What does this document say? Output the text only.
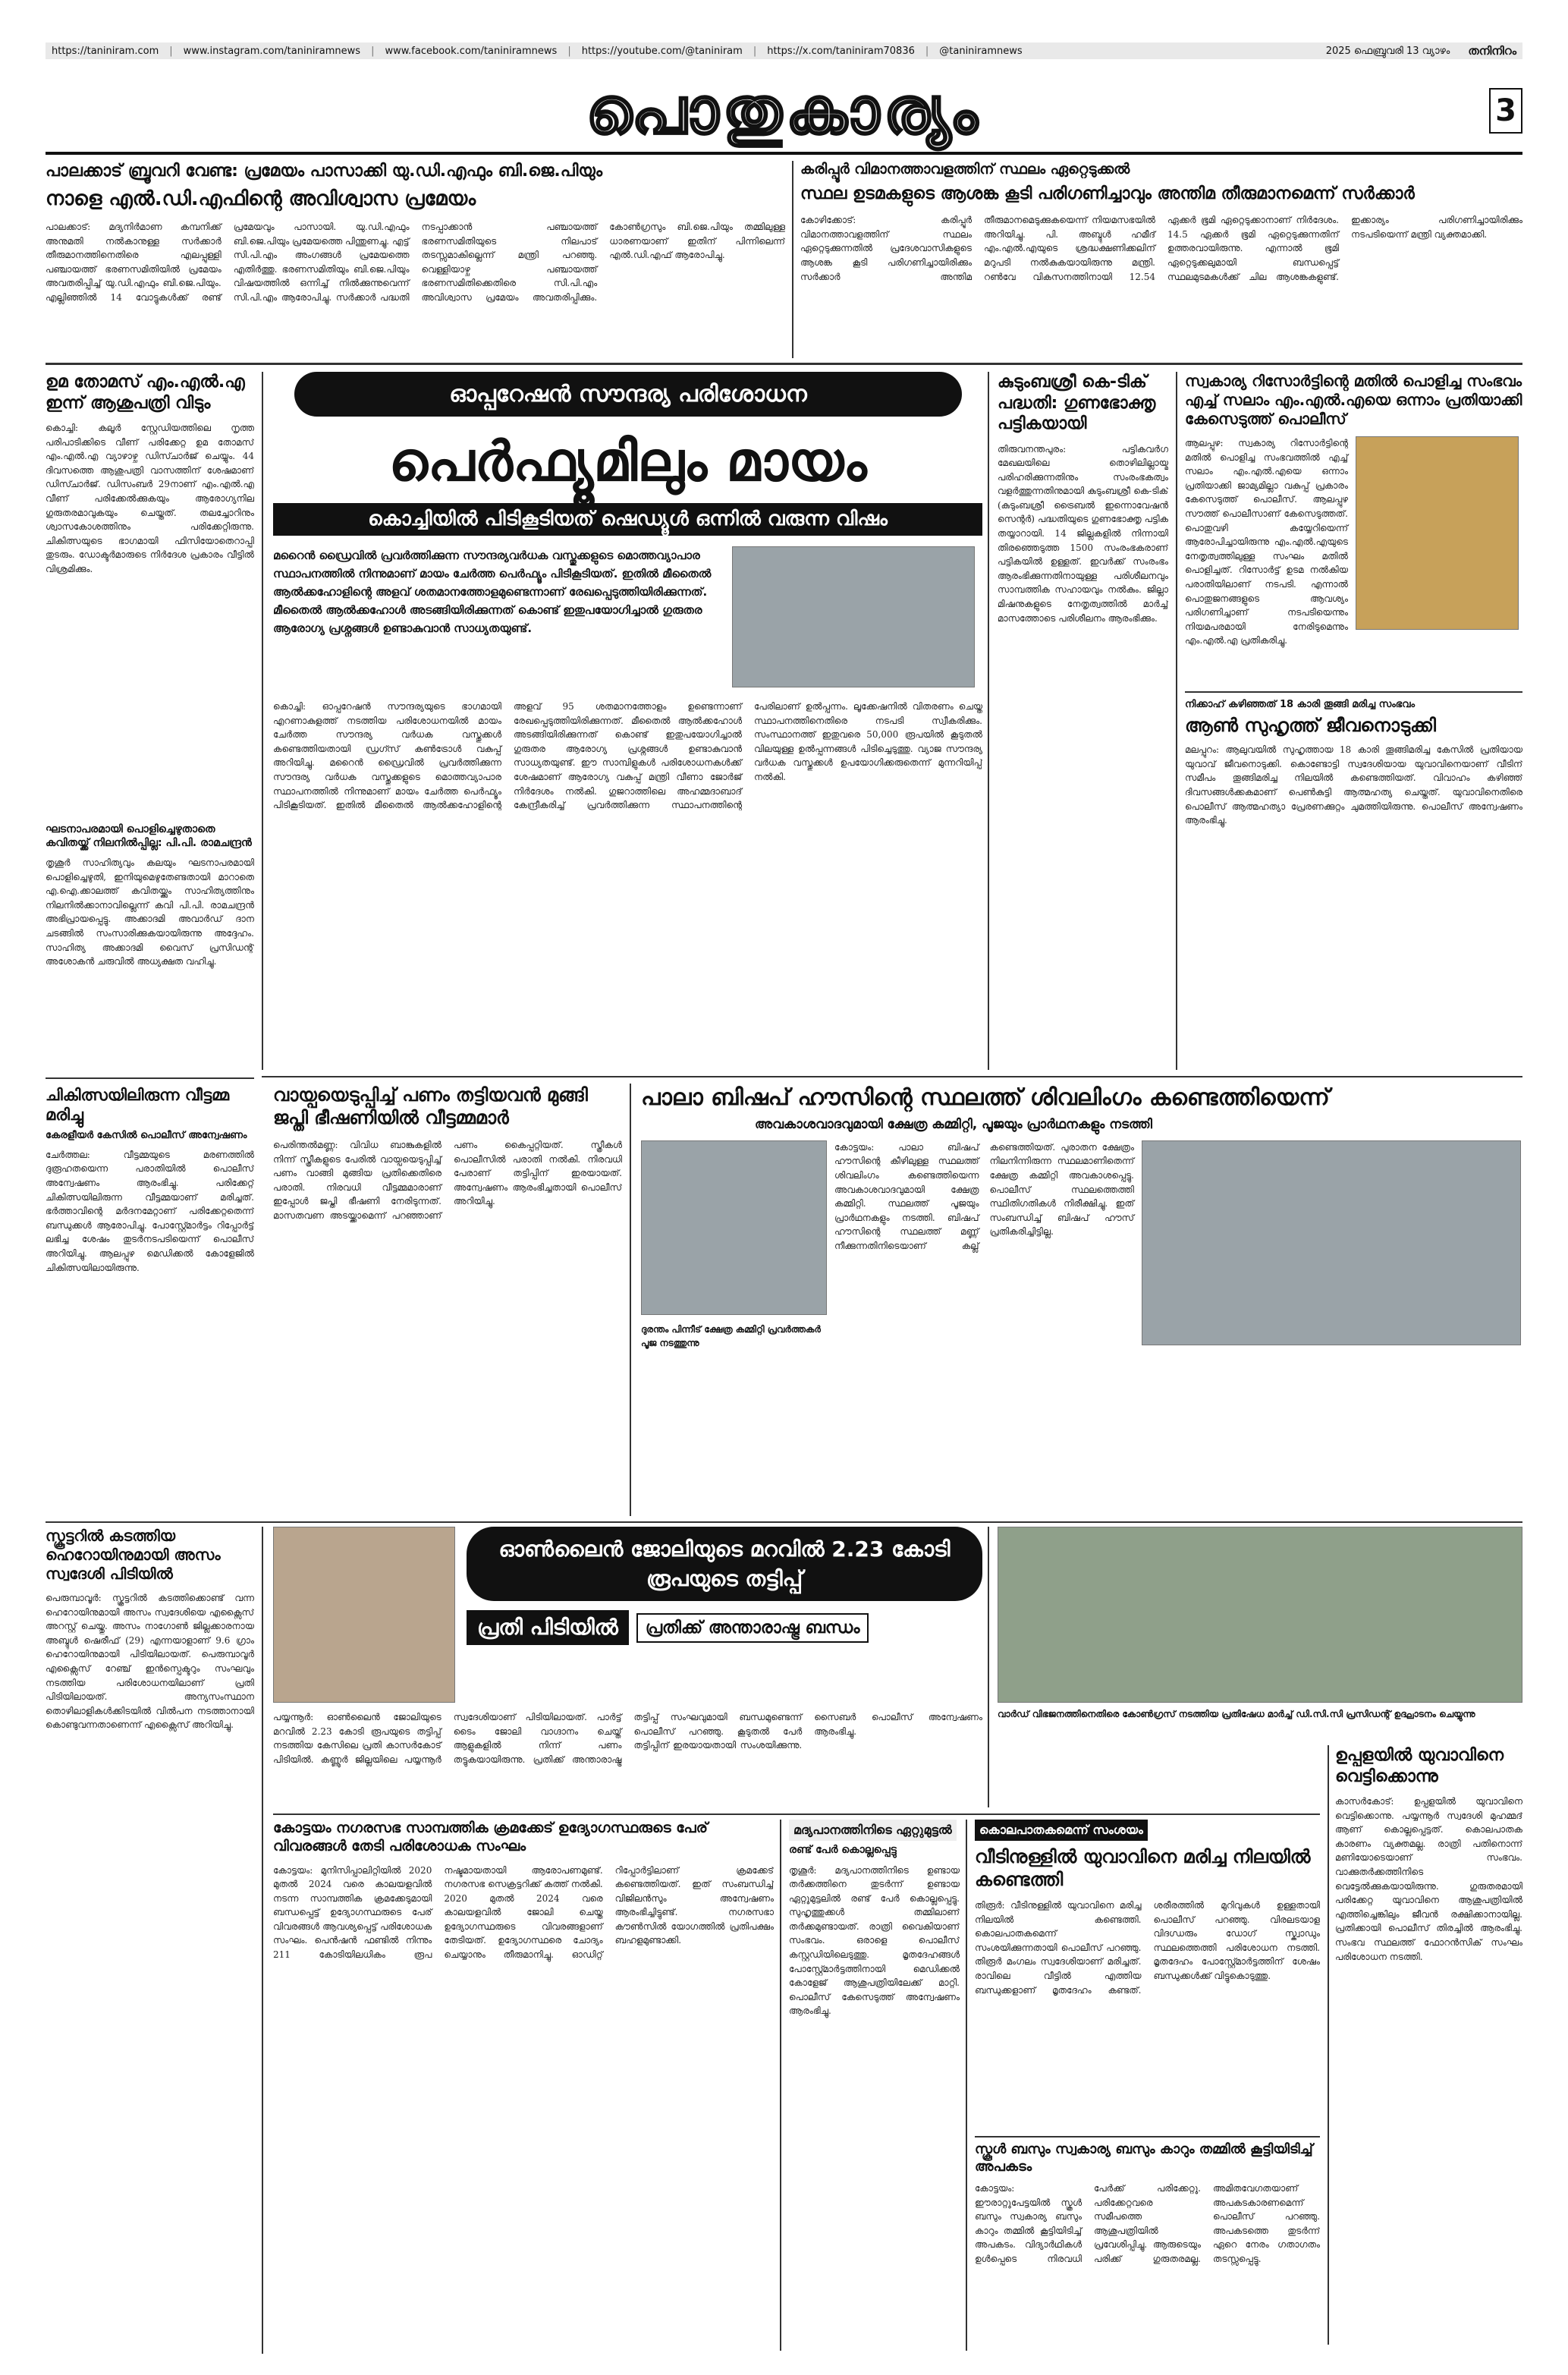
https://taniniram.com | www.instagram.com/taniniramnews | www.facebook.com/taniniramnews | https://youtube.com/@taniniram | https://x.com/taniniram70836 | @taniniramnews	2025 ഫെബ്രുവരി 13 വ്യാഴം തനിനിറം
പൊതുകാര്യം	3
പാലക്കാട് ബ്രൂവറി വേണ്ട: പ്രമേയം പാസാക്കി യു.ഡി.എഫും ബി.ജെ.പിയും
നാളെ എൽ.ഡി.എഫിന്റെ അവിശ്വാസ പ്രമേയം
പാലക്കാട്: മദ്യനിർമാണ കമ്പനിക്ക് അനുമതി നൽകാനുള്ള സർക്കാർ തീരുമാനത്തിനെതിരെ എലപ്പുള്ളി പഞ്ചായത്ത് ഭരണസമിതിയിൽ പ്രമേയം അവതരിപ്പിച്ച് യു.ഡി.എഫും ബി.ജെ.പിയും. എല്ലിഞ്ഞിൽ 14 വോട്ടുകൾക്ക് രണ്ട് പ്രമേയവും പാസായി. യു.ഡി.എഫും ബി.ജെ.പിയും പ്രമേയത്തെ പിന്തുണച്ചു. എട്ട് സി.പി.എം അംഗങ്ങൾ പ്രമേയത്തെ എതിർത്തു. ഭരണസമിതിയും ബി.ജെ.പിയും വിഷയത്തിൽ ഒന്നിച്ച് നിൽക്കുന്നുവെന്ന് സി.പി.എം ആരോപിച്ചു. സർക്കാർ പദ്ധതി നടപ്പാക്കാൻ പഞ്ചായത്ത് ഭരണസമിതിയുടെ നിലപാട് തടസ്സമാകില്ലെന്ന് മന്ത്രി പറഞ്ഞു. വെള്ളിയാഴ്ച പഞ്ചായത്ത് ഭരണസമിതിക്കെതിരെ സി.പി.എം അവിശ്വാസ പ്രമേയം അവതരിപ്പിക്കും. കോൺഗ്രസും ബി.ജെ.പിയും തമ്മിലുള്ള ധാരണയാണ് ഇതിന് പിന്നിലെന്ന് എൽ.ഡി.എഫ് ആരോപിച്ചു.
കരിപ്പൂർ വിമാനത്താവളത്തിന് സ്ഥലം ഏറ്റെടുക്കൽ
സ്ഥല ഉടമകളുടെ ആശങ്ക കൂടി പരിഗണിച്ചാവും അന്തിമ തീരുമാനമെന്ന് സർക്കാർ
കോഴിക്കോട്: കരിപ്പൂർ വിമാനത്താവളത്തിന് സ്ഥലം ഏറ്റെടുക്കുന്നതിൽ പ്രദേശവാസികളുടെ ആശങ്ക കൂടി പരിഗണിച്ചായിരിക്കും സർക്കാർ അന്തിമ തീരുമാനമെടുക്കുകയെന്ന് നിയമസഭയിൽ അറിയിച്ചു. പി. അബ്ദുൾ ഹമീദ് എം.എൽ.എയുടെ ശ്രദ്ധക്ഷണിക്കലിന് മറുപടി നൽകുകയായിരുന്നു മന്ത്രി. റൺവേ വികസനത്തിനായി 12.54 ഏക്കർ ഭൂമി ഏറ്റെടുക്കാനാണ് നിർദേശം. 14.5 ഏക്കർ ഭൂമി ഏറ്റെടുക്കുന്നതിന് ഉത്തരവായിരുന്നു. എന്നാൽ ഭൂമി ഏറ്റെടുക്കലുമായി ബന്ധപ്പെട്ട് സ്ഥലമുടമകൾക്ക് ചില ആശങ്കകളുണ്ട്. ഇക്കാര്യം പരിഗണിച്ചായിരിക്കും നടപടിയെന്ന് മന്ത്രി വ്യക്തമാക്കി.
ഉമ തോമസ് എം.എൽ.എ ഇന്ന് ആശുപത്രി വിടും
കൊച്ചി: കലൂർ സ്റ്റേഡിയത്തിലെ നൃത്ത പരിപാടിക്കിടെ വീണ് പരിക്കേറ്റ ഉമ തോമസ് എം.എൽ.എ വ്യാഴാഴ്ച ഡിസ്ചാർജ് ചെയ്യും. 44 ദിവസത്തെ ആശുപത്രി വാസത്തിന് ശേഷമാണ് ഡിസ്ചാർജ്. ഡിസംബർ 29നാണ് എം.എൽ.എ വീണ് പരിക്കേൽക്കുകയും ആരോഗ്യനില ഗുരുതരമാവുകയും ചെയ്തത്. തലച്ചോറിനും ശ്വാസകോശത്തിനും പരിക്കേറ്റിരുന്നു. ചികിത്സയുടെ ഭാഗമായി ഫിസിയോതെറാപ്പി തുടരും. ഡോക്ടർമാരുടെ നിർദേശ പ്രകാരം വീട്ടിൽ വിശ്രമിക്കും.
ഘടനാപരമായി പൊളിച്ചെഴുതാതെ കവിതയ്ക്ക് നിലനിൽപ്പില്ല: പി.പി. രാമചന്ദ്രൻ
തൃശൂർ സാഹിത്യവും കലയും ഘടനാപരമായി പൊളിച്ചെഴുതി, ഇനിയുമെഴുതേണ്ടതായി മാറാതെ എ.ഐ.ക്കാലത്ത് കവിതയ്ക്കും സാഹിത്യത്തിനും നിലനിൽക്കാനാവില്ലെന്ന് കവി പി.പി. രാമചന്ദ്രൻ അഭിപ്രായപ്പെട്ടു. അക്കാദമി അവാർഡ് ദാന ചടങ്ങിൽ സംസാരിക്കുകയായിരുന്നു അദ്ദേഹം. സാഹിത്യ അക്കാദമി വൈസ് പ്രസിഡന്റ് അശോകൻ ചരുവിൽ അധ്യക്ഷത വഹിച്ചു.
ഓപ്പറേഷൻ സൗന്ദര്യ പരിശോധന
പെർഫ്യൂമിലും മായം
കൊച്ചിയിൽ പിടികൂടിയത് ഷെഡ്യൂൾ ഒന്നിൽ വരുന്ന വിഷം
മറൈൻ ഡ്രൈവിൽ പ്രവർത്തിക്കുന്ന സൗന്ദര്യവർധക വസ്തുക്കളുടെ മൊത്തവ്യാപാര സ്ഥാപനത്തിൽ നിന്നുമാണ് മായം ചേർത്ത പെർഫ്യൂം പിടികൂടിയത്. ഇതിൽ മീതൈൽ ആൽക്കഹോളിന്റെ അളവ് ശതമാനത്തോളമുണ്ടെന്നാണ് രേഖപ്പെടുത്തിയിരിക്കുന്നത്. മീതൈൽ ആൽക്കഹോൾ അടങ്ങിയിരിക്കുന്നത് കൊണ്ട് ഇതുപയോഗിച്ചാൽ ഗുരുതര ആരോഗ്യ പ്രശ്നങ്ങൾ ഉണ്ടാകുവാൻ സാധ്യതയുണ്ട്.
കൊച്ചി: ഓപ്പറേഷൻ സൗന്ദര്യയുടെ ഭാഗമായി എറണാകുളത്ത് നടത്തിയ പരിശോധനയിൽ മായം ചേർത്ത സൗന്ദര്യ വർധക വസ്തുക്കൾ കണ്ടെത്തിയതായി ഡ്രഗ്സ് കൺട്രോൾ വകുപ്പ് അറിയിച്ചു. മറൈൻ ഡ്രൈവിൽ പ്രവർത്തിക്കുന്ന സൗന്ദര്യ വർധക വസ്തുക്കളുടെ മൊത്തവ്യാപാര സ്ഥാപനത്തിൽ നിന്നുമാണ് മായം ചേർത്ത പെർഫ്യൂം പിടികൂടിയത്. ഇതിൽ മീതൈൽ ആൽക്കഹോളിന്റെ അളവ് 95 ശതമാനത്തോളം ഉണ്ടെന്നാണ് രേഖപ്പെടുത്തിയിരിക്കുന്നത്. മീതൈൽ ആൽക്കഹോൾ അടങ്ങിയിരിക്കുന്നത് കൊണ്ട് ഇതുപയോഗിച്ചാൽ ഗുരുതര ആരോഗ്യ പ്രശ്നങ്ങൾ ഉണ്ടാകുവാൻ സാധ്യതയുണ്ട്. ഈ സാമ്പിളുകൾ പരിശോധനകൾക്ക് ശേഷമാണ് ആരോഗ്യ വകുപ്പ് മന്ത്രി വീണാ ജോർജ് നിർദേശം നൽകി. ഗുജറാത്തിലെ അഹമ്മദാബാദ് കേന്ദ്രീകരിച്ച് പ്രവർത്തിക്കുന്ന സ്ഥാപനത്തിന്റെ പേരിലാണ് ഉൽപ്പന്നം. ലൂക്കേഷനിൽ വിതരണം ചെയ്ത സ്ഥാപനത്തിനെതിരെ നടപടി സ്വീകരിക്കും. സംസ്ഥാനത്ത് ഇതുവരെ 50,000 രൂപയിൽ കൂടുതൽ വിലയുള്ള ഉൽപ്പന്നങ്ങൾ പിടിച്ചെടുത്തു. വ്യാജ സൗന്ദര്യ വർധക വസ്തുക്കൾ ഉപയോഗിക്കരുതെന്ന് മുന്നറിയിപ്പ് നൽകി.
കുടുംബശ്രീ കെ-ടിക് പദ്ധതി: ഗുണഭോക്തൃ പട്ടികയായി
തിരുവനന്തപുരം: പട്ടികവർഗ മേഖലയിലെ തൊഴിലില്ലായ്മ പരിഹരിക്കുന്നതിനും സംരംഭകത്വം വളർത്തുന്നതിനുമായി കുടുംബശ്രീ കെ-ടിക് (കുടുംബശ്രീ ട്രൈബൽ ഇന്നൊവേഷൻ സെന്റർ) പദ്ധതിയുടെ ഗുണഭോക്തൃ പട്ടിക തയ്യാറായി. 14 ജില്ലകളിൽ നിന്നായി തിരഞ്ഞെടുത്ത 1500 സംരംഭകരാണ് പട്ടികയിൽ ഉള്ളത്. ഇവർക്ക് സംരംഭം ആരംഭിക്കുന്നതിനായുള്ള പരിശീലനവും സാമ്പത്തിക സഹായവും നൽകും. ജില്ലാ മിഷനുകളുടെ നേതൃത്വത്തിൽ മാർച്ച് മാസത്തോടെ പരിശീലനം ആരംഭിക്കും.
സ്വകാര്യ റിസോർട്ടിന്റെ മതിൽ പൊളിച്ച സംഭവം എച്ച് സലാം എം.എൽ.എയെ ഒന്നാം പ്രതിയാക്കി കേസെടുത്ത് പൊലീസ്
ആലപ്പുഴ: സ്വകാര്യ റിസോർട്ടിന്റെ മതിൽ പൊളിച്ച സംഭവത്തിൽ എച്ച് സലാം എം.എൽ.എയെ ഒന്നാം പ്രതിയാക്കി ജാമ്യമില്ലാ വകുപ്പ് പ്രകാരം കേസെടുത്ത് പൊലീസ്. ആലപ്പുഴ സൗത്ത് പൊലീസാണ് കേസെടുത്തത്. പൊതുവഴി കയ്യേറിയെന്ന് ആരോപിച്ചായിരുന്നു എം.എൽ.എയുടെ നേതൃത്വത്തിലുള്ള സംഘം മതിൽ പൊളിച്ചത്. റിസോർട്ട് ഉടമ നൽകിയ പരാതിയിലാണ് നടപടി. എന്നാൽ പൊതുജനങ്ങളുടെ ആവശ്യം പരിഗണിച്ചാണ് നടപടിയെന്നും നിയമപരമായി നേരിടുമെന്നും എം.എൽ.എ പ്രതികരിച്ചു.
നിക്കാഹ് കഴിഞ്ഞത് 18 കാരി തൂങ്ങി മരിച്ച സംഭവം
ആൺ സുഹൃത്ത് ജീവനൊടുക്കി
മലപ്പുറം: ആലുവയിൽ സുഹൃത്തായ 18 കാരി തൂങ്ങിമരിച്ച കേസിൽ പ്രതിയായ യുവാവ് ജീവനൊടുക്കി. കൊണ്ടോട്ടി സ്വദേശിയായ യുവാവിനെയാണ് വീടിന് സമീപം തൂങ്ങിമരിച്ച നിലയിൽ കണ്ടെത്തിയത്. വിവാഹം കഴിഞ്ഞ് ദിവസങ്ങൾക്കകമാണ് പെൺകുട്ടി ആത്മഹത്യ ചെയ്തത്. യുവാവിനെതിരെ പൊലീസ് ആത്മഹത്യാ പ്രേരണക്കുറ്റം ചുമത്തിയിരുന്നു. പൊലീസ് അന്വേഷണം ആരംഭിച്ചു.
ചികിത്സയിലിരുന്ന വീട്ടമ്മ മരിച്ചു
കേരളീയർ കേസിൽ പൊലീസ് അന്വേഷണം
ചേർത്തല: വീട്ടമ്മയുടെ മരണത്തിൽ ദുരൂഹതയെന്ന പരാതിയിൽ പൊലീസ് അന്വേഷണം ആരംഭിച്ചു. പരിക്കേറ്റ് ചികിത്സയിലിരുന്ന വീട്ടമ്മയാണ് മരിച്ചത്. ഭർത്താവിന്റെ മർദനമേറ്റാണ് പരിക്കേറ്റതെന്ന് ബന്ധുക്കൾ ആരോപിച്ചു. പോസ്റ്റ്മോർട്ടം റിപ്പോർട്ട് ലഭിച്ച ശേഷം തുടർനടപടിയെന്ന് പൊലീസ് അറിയിച്ചു. ആലപ്പുഴ മെഡിക്കൽ കോളേജിൽ ചികിത്സയിലായിരുന്നു.
വായ്പയെടുപ്പിച്ച് പണം തട്ടിയവൻ മുങ്ങി ജപ്തി ഭീഷണിയിൽ വീട്ടമ്മമാർ
പെരിന്തൽമണ്ണ: വിവിധ ബാങ്കുകളിൽ നിന്ന് സ്ത്രീകളുടെ പേരിൽ വായ്പയെടുപ്പിച്ച് പണം വാങ്ങി മുങ്ങിയ പ്രതിക്കെതിരെ പരാതി. നിരവധി വീട്ടമ്മമാരാണ് ഇപ്പോൾ ജപ്തി ഭീഷണി നേരിടുന്നത്. മാസതവണ അടയ്ക്കാമെന്ന് പറഞ്ഞാണ് പണം കൈപ്പറ്റിയത്. സ്ത്രീകൾ പൊലീസിൽ പരാതി നൽകി. നിരവധി പേരാണ് തട്ടിപ്പിന് ഇരയായത്. അന്വേഷണം ആരംഭിച്ചതായി പൊലീസ് അറിയിച്ചു.
പാലാ ബിഷപ് ഹൗസിന്റെ സ്ഥലത്ത് ശിവലിംഗം കണ്ടെത്തിയെന്ന്
അവകാശവാദവുമായി ക്ഷേത്ര കമ്മിറ്റി, പൂജയും പ്രാർഥനകളും നടത്തി
കോട്ടയം: പാലാ ബിഷപ് ഹൗസിന്റെ കീഴിലുള്ള സ്ഥലത്ത് ശിവലിംഗം കണ്ടെത്തിയെന്ന അവകാശവാദവുമായി ക്ഷേത്ര കമ്മിറ്റി. സ്ഥലത്ത് പൂജയും പ്രാർഥനകളും നടത്തി. ബിഷപ് ഹൗസിന്റെ സ്ഥലത്ത് മണ്ണ് നീക്കുന്നതിനിടെയാണ് കല്ല് കണ്ടെത്തിയത്. പുരാതന ക്ഷേത്രം നിലനിന്നിരുന്ന സ്ഥലമാണിതെന്ന് ക്ഷേത്ര കമ്മിറ്റി അവകാശപ്പെട്ടു. പൊലീസ് സ്ഥലത്തെത്തി സ്ഥിതിഗതികൾ നിരീക്ഷിച്ചു. ഇത് സംബന്ധിച്ച് ബിഷപ് ഹൗസ് പ്രതികരിച്ചിട്ടില്ല.
ദുരന്തം പിന്നീട് ക്ഷേത്ര കമ്മിറ്റി പ്രവർത്തകർ പൂജ നടത്തുന്നു
സ്കൂട്ടറിൽ കടത്തിയ ഹെറോയിനുമായി അസം സ്വദേശി പിടിയിൽ
പെരുമ്പാവൂർ: സ്കൂട്ടറിൽ കടത്തിക്കൊണ്ട് വന്ന ഹെറോയിനുമായി അസം സ്വദേശിയെ എക്സൈസ് അറസ്റ്റ് ചെയ്തു. അസം നാഗോൺ ജില്ലക്കാരനായ അബ്ദുൾ ഷെരീഫ് (29) എന്നയാളാണ് 9.6 ഗ്രാം ഹെറോയിനുമായി പിടിയിലായത്. പെരുമ്പാവൂർ എക്സൈസ് റേഞ്ച് ഇൻസ്പെക്ടറും സംഘവും നടത്തിയ പരിശോധനയിലാണ് പ്രതി പിടിയിലായത്. അന്യസംസ്ഥാന തൊഴിലാളികൾക്കിടയിൽ വിൽപന നടത്താനായി കൊണ്ടുവന്നതാണെന്ന് എക്സൈസ് അറിയിച്ചു.
ഓൺലൈൻ ജോലിയുടെ മറവിൽ 2.23 കോടി രൂപയുടെ തട്ടിപ്പ്
പ്രതി പിടിയിൽ	പ്രതിക്ക് അന്താരാഷ്ട്ര ബന്ധം
പയ്യന്നൂർ: ഓൺലൈൻ ജോലിയുടെ മറവിൽ 2.23 കോടി രൂപയുടെ തട്ടിപ്പ് നടത്തിയ കേസിലെ പ്രതി കാസർകോട് പിടിയിൽ. കണ്ണൂർ ജില്ലയിലെ പയ്യന്നൂർ സ്വദേശിയാണ് പിടിയിലായത്. പാർട്ട് ടൈം ജോലി വാഗ്ദാനം ചെയ്ത് ആളുകളിൽ നിന്ന് പണം തട്ടുകയായിരുന്നു. പ്രതിക്ക് അന്താരാഷ്ട്ര തട്ടിപ്പ് സംഘവുമായി ബന്ധമുണ്ടെന്ന് പൊലീസ് പറഞ്ഞു. കൂടുതൽ പേർ തട്ടിപ്പിന് ഇരയായതായി സംശയിക്കുന്നു. സൈബർ പൊലീസ് അന്വേഷണം ആരംഭിച്ചു.
വാർഡ് വിഭജനത്തിനെതിരെ കോൺഗ്രസ് നടത്തിയ പ്രതിഷേധ മാർച്ച് ഡി.സി.സി പ്രസിഡന്റ് ഉദ്ഘാടനം ചെയ്യുന്നു
ഉപ്പളയിൽ യുവാവിനെ വെട്ടിക്കൊന്നു
കാസർകോട്: ഉപ്പളയിൽ യുവാവിനെ വെട്ടിക്കൊന്നു. പയ്യന്നൂർ സ്വദേശി മുഹമ്മദ് ആണ് കൊല്ലപ്പെട്ടത്. കൊലപാതക കാരണം വ്യക്തമല്ല. രാത്രി പതിനൊന്ന് മണിയോടെയാണ് സംഭവം. വാക്കുതർക്കത്തിനിടെ വെട്ടേൽക്കുകയായിരുന്നു. ഗുരുതരമായി പരിക്കേറ്റ യുവാവിനെ ആശുപത്രിയിൽ എത്തിച്ചെങ്കിലും ജീവൻ രക്ഷിക്കാനായില്ല. പ്രതിക്കായി പൊലീസ് തിരച്ചിൽ ആരംഭിച്ചു. സംഭവ സ്ഥലത്ത് ഫോറൻസിക് സംഘം പരിശോധന നടത്തി.
കോട്ടയം നഗരസഭ സാമ്പത്തിക ക്രമക്കേട് ഉദ്യോഗസ്ഥരുടെ പേര് വിവരങ്ങൾ തേടി പരിശോധക സംഘം
കോട്ടയം: മുനിസിപ്പാലിറ്റിയിൽ 2020 മുതൽ 2024 വരെ കാലയളവിൽ നടന്ന സാമ്പത്തിക ക്രമക്കേടുമായി ബന്ധപ്പെട്ട് ഉദ്യോഗസ്ഥരുടെ പേര് വിവരങ്ങൾ ആവശ്യപ്പെട്ട് പരിശോധക സംഘം. പെൻഷൻ ഫണ്ടിൽ നിന്നും 211 കോടിയിലധികം രൂപ നഷ്ടമായതായി ആരോപണമുണ്ട്. നഗരസഭ സെക്രട്ടറിക്ക് കത്ത് നൽകി. 2020 മുതൽ 2024 വരെ കാലയളവിൽ ജോലി ചെയ്ത ഉദ്യോഗസ്ഥരുടെ വിവരങ്ങളാണ് തേടിയത്. ഉദ്യോഗസ്ഥരെ ചോദ്യം ചെയ്യാനും തീരുമാനിച്ചു. ഓഡിറ്റ് റിപ്പോർട്ടിലാണ് ക്രമക്കേട് കണ്ടെത്തിയത്. ഇത് സംബന്ധിച്ച് വിജിലൻസും അന്വേഷണം ആരംഭിച്ചിട്ടുണ്ട്. നഗരസഭാ കൗൺസിൽ യോഗത്തിൽ പ്രതിപക്ഷം ബഹളമുണ്ടാക്കി.
മദ്യപാനത്തിനിടെ ഏറ്റുമുട്ടൽ
രണ്ട് പേർ കൊല്ലപ്പെട്ടു
തൃശൂർ: മദ്യപാനത്തിനിടെ ഉണ്ടായ തർക്കത്തിനെ തുടർന്ന് ഉണ്ടായ ഏറ്റുമുട്ടലിൽ രണ്ട് പേർ കൊല്ലപ്പെട്ടു. സുഹൃത്തുക്കൾ തമ്മിലാണ് തർക്കമുണ്ടായത്. രാത്രി വൈകിയാണ് സംഭവം. ഒരാളെ പൊലീസ് കസ്റ്റഡിയിലെടുത്തു. മൃതദേഹങ്ങൾ പോസ്റ്റ്മോർട്ടത്തിനായി മെഡിക്കൽ കോളേജ് ആശുപത്രിയിലേക്ക് മാറ്റി. പൊലീസ് കേസെടുത്ത് അന്വേഷണം ആരംഭിച്ചു.
കൊലപാതകമെന്ന് സംശയം
വീടിനുള്ളിൽ യുവാവിനെ മരിച്ച നിലയിൽ കണ്ടെത്തി
തിരൂർ: വീടിനുള്ളിൽ യുവാവിനെ മരിച്ച നിലയിൽ കണ്ടെത്തി. കൊലപാതകമെന്ന് സംശയിക്കുന്നതായി പൊലീസ് പറഞ്ഞു. തിരൂർ മംഗലം സ്വദേശിയാണ് മരിച്ചത്. രാവിലെ വീട്ടിൽ എത്തിയ ബന്ധുക്കളാണ് മൃതദേഹം കണ്ടത്. ശരീരത്തിൽ മുറിവുകൾ ഉള്ളതായി പൊലീസ് പറഞ്ഞു. വിരലടയാള വിദഗ്ധരും ഡോഗ് സ്ക്വാഡും സ്ഥലത്തെത്തി പരിശോധന നടത്തി. മൃതദേഹം പോസ്റ്റ്മോർട്ടത്തിന് ശേഷം ബന്ധുക്കൾക്ക് വിട്ടുകൊടുത്തു.
സ്കൂൾ ബസും സ്വകാര്യ ബസും കാറും തമ്മിൽ കൂട്ടിയിടിച്ച് അപകടം
കോട്ടയം: ഈരാറ്റുപേട്ടയിൽ സ്കൂൾ ബസും സ്വകാര്യ ബസും കാറും തമ്മിൽ കൂട്ടിയിടിച്ച് അപകടം. വിദ്യാർഥികൾ ഉൾപ്പെടെ നിരവധി പേർക്ക് പരിക്കേറ്റു. പരിക്കേറ്റവരെ സമീപത്തെ ആശുപത്രിയിൽ പ്രവേശിപ്പിച്ചു. ആരുടെയും പരിക്ക് ഗുരുതരമല്ല. അമിതവേഗതയാണ് അപകടകാരണമെന്ന് പൊലീസ് പറഞ്ഞു. അപകടത്തെ തുടർന്ന് ഏറെ നേരം ഗതാഗതം തടസ്സപ്പെട്ടു.
